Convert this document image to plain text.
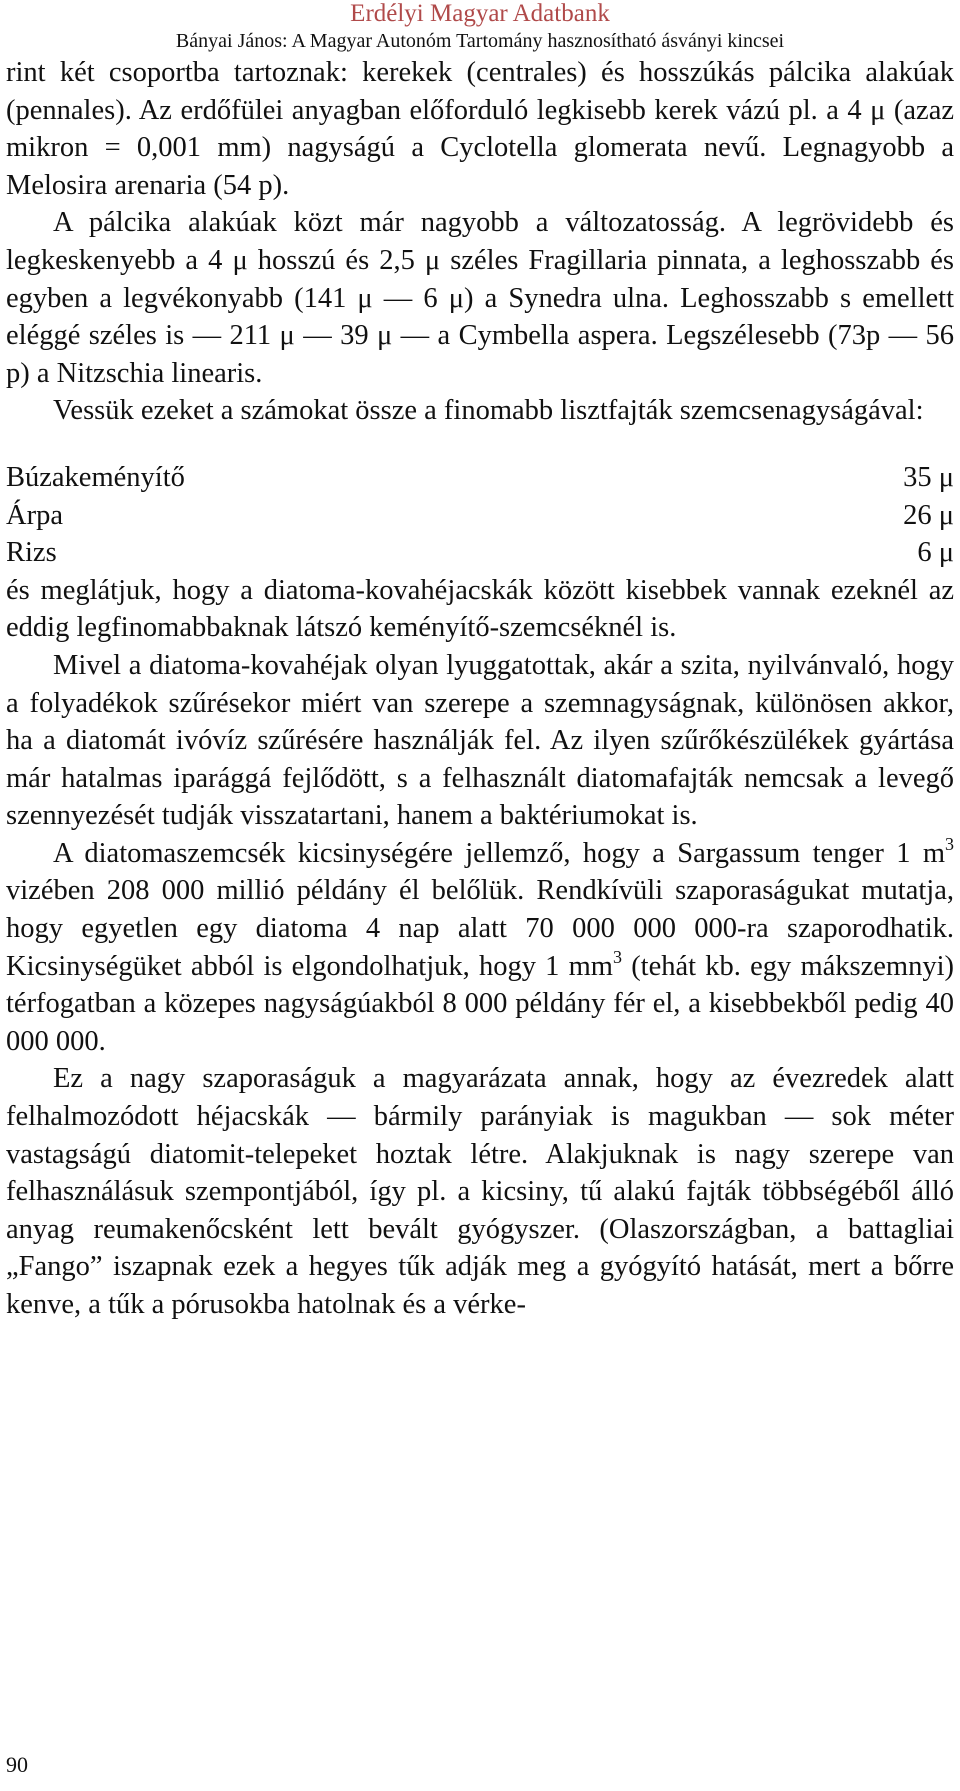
Erdélyi Magyar Adatbank
Bányai János: A Magyar Autonóm Tartomány hasznosítható ásványi kincsei

rint két csoportba tartoznak: kerekek (centrales) és hosszúkás pálcika alakúak (pennales). Az erdőfülei anyagban előforduló legkisebb kerek vázú pl. a 4 μ (azaz mikron = 0,001 mm) nagyságú a Cyclotella glomerata nevű. Legnagyobb a Melosira arenaria (54 p).

A pálcika alakúak közt már nagyobb a változatosság. A legrövidebb és legkeskenyebb a 4 μ hosszú és 2,5 μ széles Fragillaria pinnata, a leghosszabb és egyben a legvékonyabb (141 μ — 6 μ) a Synedra ulna. Leghosszabb s emellett eléggé széles is — 211 μ — 39 μ — a Cymbella aspera. Legszélesebb (73p — 56 p) a Nitzschia linearis.

Vessük ezeket a számokat össze a finomabb lisztfajták szemcsenagyságával:

Búzakeményítő	35 μ
Árpa	26 μ
Rizs	6 μ

és meglátjuk, hogy a diatoma-kovahéjacskák között kisebbek vannak ezeknél az eddig legfinomabbaknak látszó keményítő-szemcséknél is.

Mivel a diatoma-kovahéjak olyan lyuggatottak, akár a szita, nyilvánvaló, hogy a folyadékok szűrésekor miért van szerepe a szemnagyságnak, különösen akkor, ha a diatomát ivóvíz szűrésére használják fel. Az ilyen szűrőkészülékek gyártása már hatalmas iparággá fejlődött, s a felhasznált diatomafajták nemcsak a levegő szennyezését tudják visszatartani, hanem a baktériumokat is.

A diatomaszemcsék kicsinységére jellemző, hogy a Sargassum tenger 1 $m^3$ vizében 208 000 millió példány él belőlük. Rendkívüli szaporaságukat mutatja, hogy egyetlen egy diatoma 4 nap alatt 70 000 000 000-ra szaporodhatik. Kicsinységüket abból is elgondolhatjuk, hogy 1 $mm^3$ (tehát kb. egy mákszemnyi) térfogatban a közepes nagyságúakból 8 000 példány fér el, a kisebbekből pedig 40 000 000.

Ez a nagy szaporaságuk a magyarázata annak, hogy az évezredek alatt felhalmozódott héjacskák — bármily parányiak is magukban — sok méter vastagságú diatomit-telepeket hoztak létre. Alakjuknak is nagy szerepe van felhasználásuk szempontjából, így pl. a kicsiny, tű alakú fajták többségéből álló anyag reumakenőcsként lett bevált gyógyszer. (Olaszországban, a battagliai „Fango” iszapnak ezek a hegyes tűk adják meg a gyógyító hatását, mert a bőrre kenve, a tűk a pórusokba hatolnak és a vérke-

90
